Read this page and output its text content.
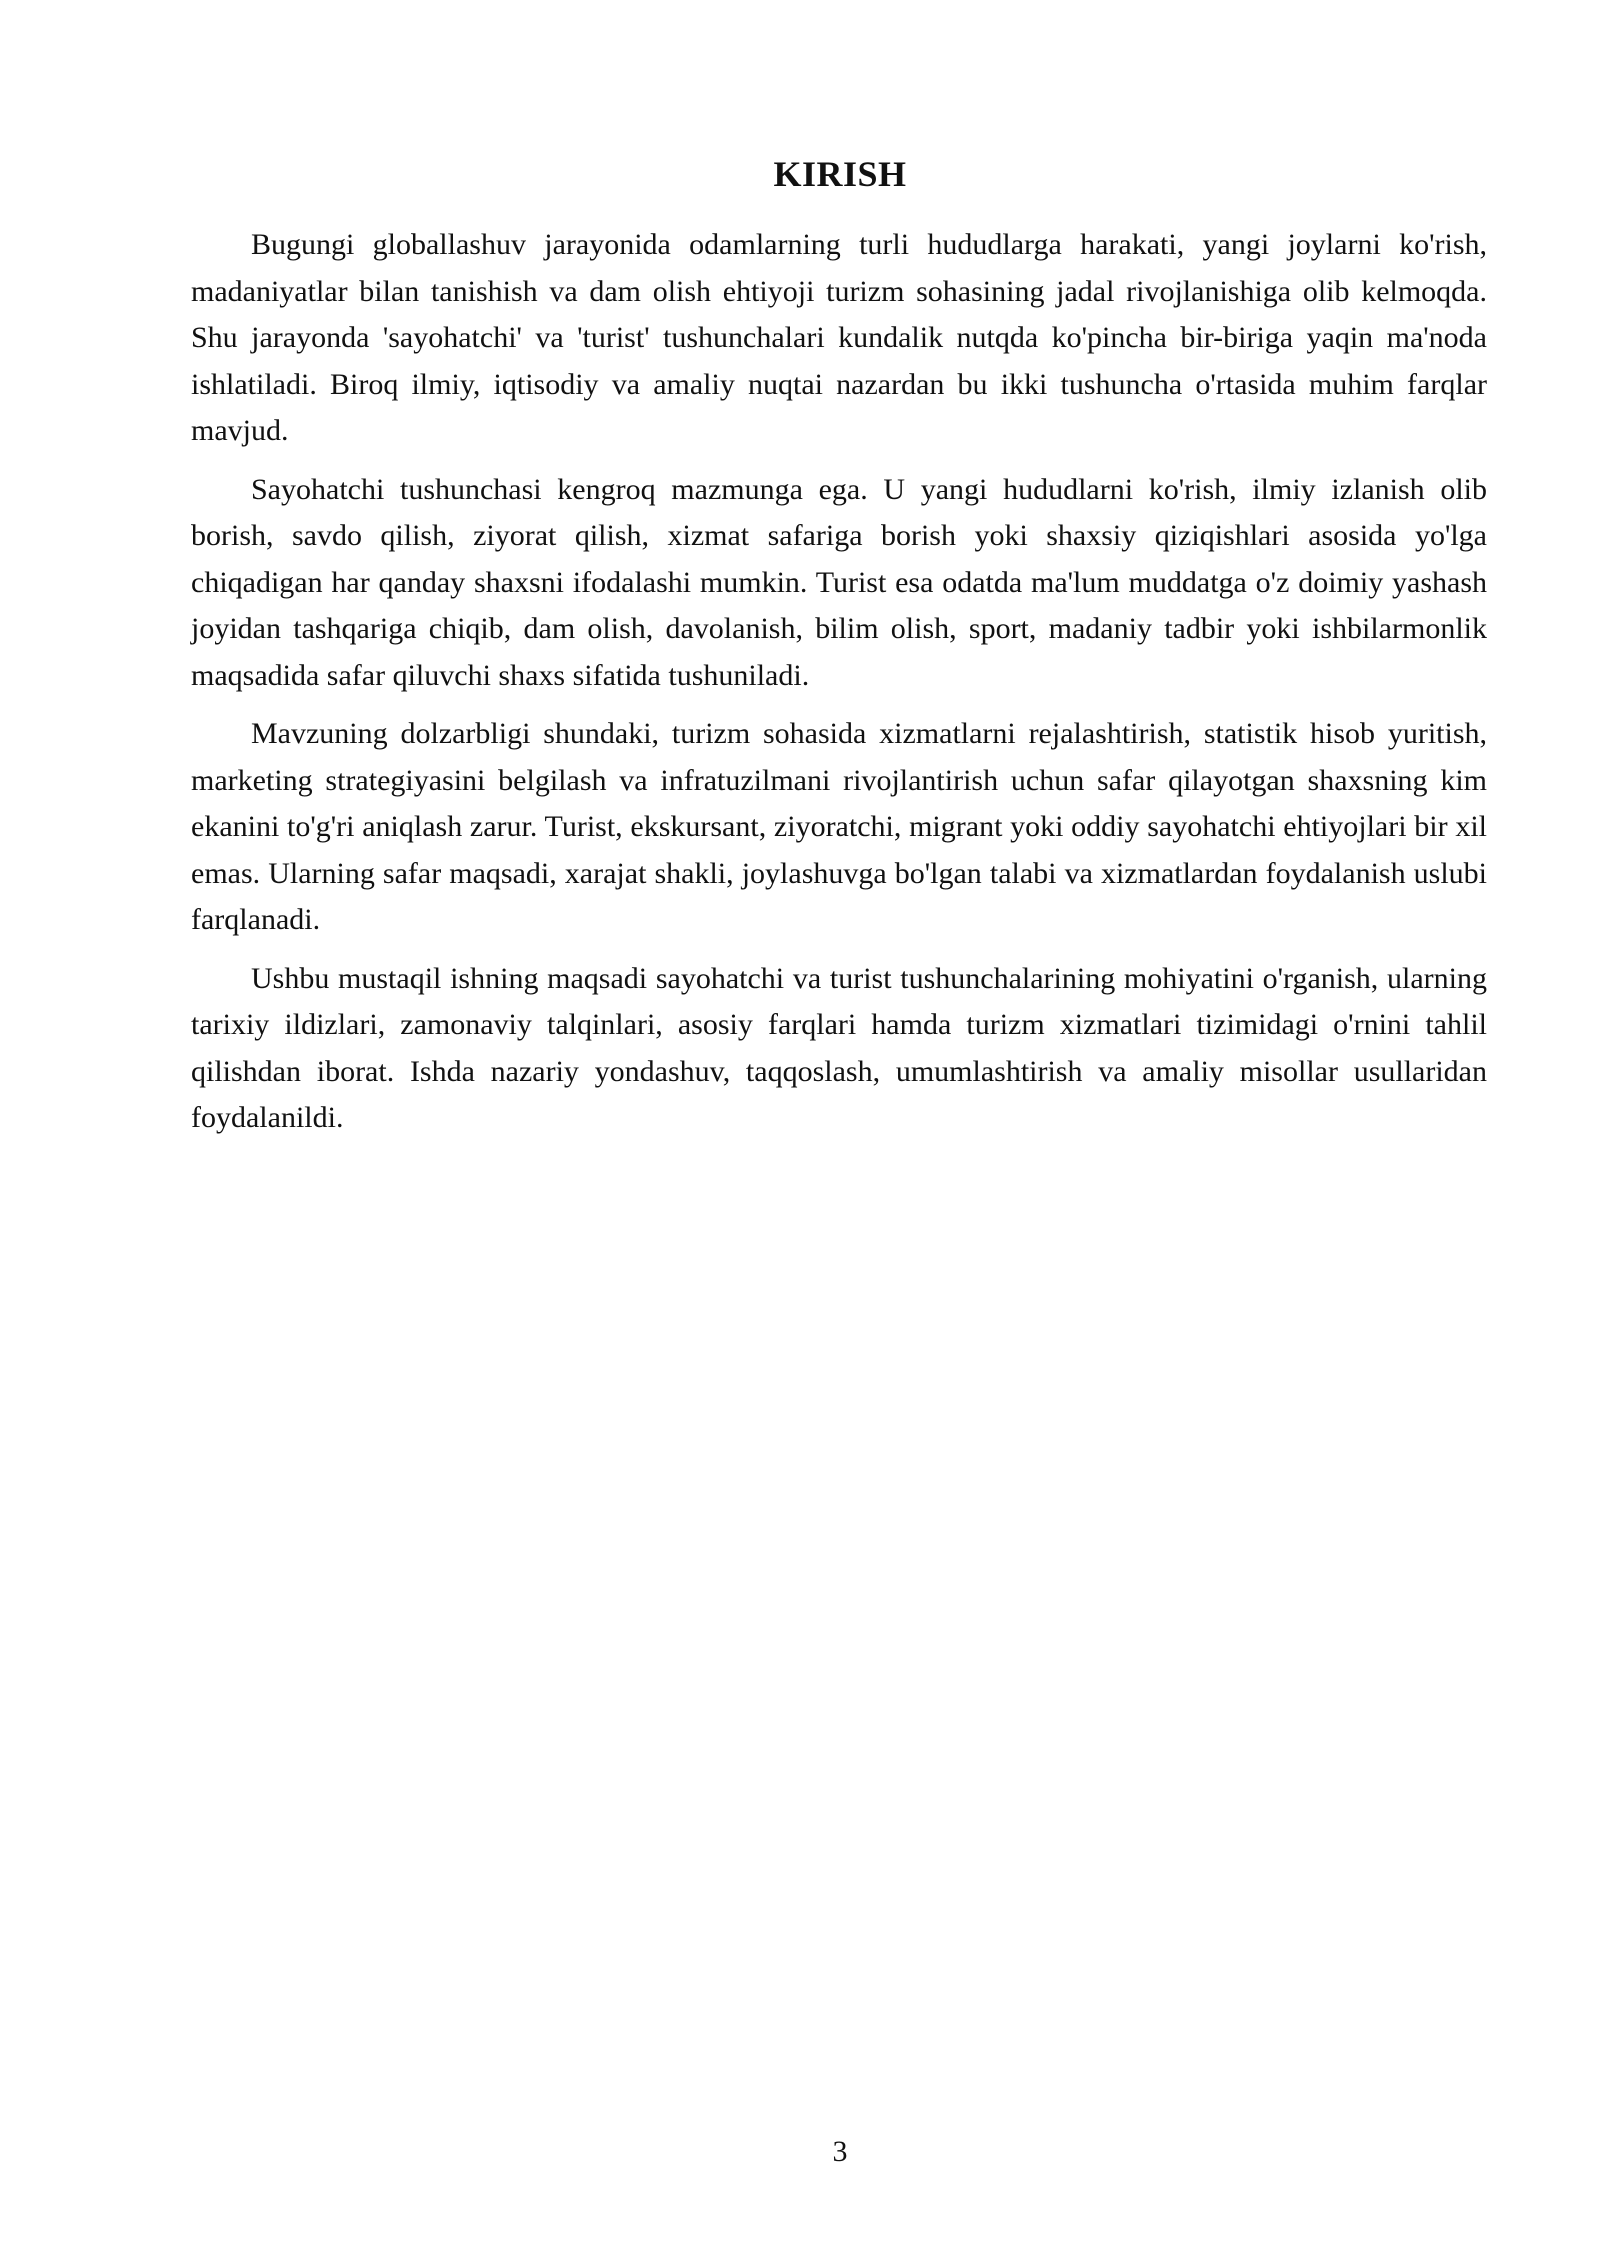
KIRISH

Bugungi globallashuv jarayonida odamlarning turli hududlarga harakati, yangi joylarni ko'rish, madaniyatlar bilan tanishish va dam olish ehtiyoji turizm sohasining jadal rivojlanishiga olib kelmoqda. Shu jarayonda 'sayohatchi' va 'turist' tushunchalari kundalik nutqda ko'pincha bir-biriga yaqin ma'noda ishlatiladi. Biroq ilmiy, iqtisodiy va amaliy nuqtai nazardan bu ikki tushuncha o'rtasida muhim farqlar mavjud.

Sayohatchi tushunchasi kengroq mazmunga ega. U yangi hududlarni ko'rish, ilmiy izlanish olib borish, savdo qilish, ziyorat qilish, xizmat safariga borish yoki shaxsiy qiziqishlari asosida yo'lga chiqadigan har qanday shaxsni ifodalashi mumkin. Turist esa odatda ma'lum muddatga o'z doimiy yashash joyidan tashqariga chiqib, dam olish, davolanish, bilim olish, sport, madaniy tadbir yoki ishbilarmonlik maqsadida safar qiluvchi shaxs sifatida tushuniladi.

Mavzuning dolzarbligi shundaki, turizm sohasida xizmatlarni rejalashtirish, statistik hisob yuritish, marketing strategiyasini belgilash va infratuzilmani rivojlantirish uchun safar qilayotgan shaxsning kim ekanini to'g'ri aniqlash zarur. Turist, ekskursant, ziyoratchi, migrant yoki oddiy sayohatchi ehtiyojlari bir xil emas. Ularning safar maqsadi, xarajat shakli, joylashuvga bo'lgan talabi va xizmatlardan foydalanish uslubi farqlanadi.

Ushbu mustaqil ishning maqsadi sayohatchi va turist tushunchalarining mohiyatini o'rganish, ularning tarixiy ildizlari, zamonaviy talqinlari, asosiy farqlari hamda turizm xizmatlari tizimidagi o'rnini tahlil qilishdan iborat. Ishda nazariy yondashuv, taqqoslash, umumlashtirish va amaliy misollar usullaridan foydalanildi.

3
